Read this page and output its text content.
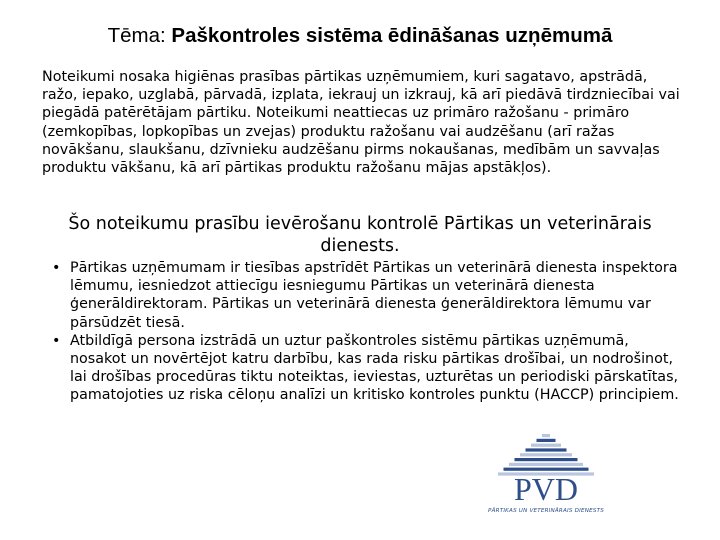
Tēma: Paškontroles sistēma ēdināšanas uzņēmumā
Noteikumi nosaka higiēnas prasības pārtikas uzņēmumiem, kuri sagatavo, apstrādā, ražo, iepako, uzglabā, pārvadā, izplata, iekrauj un izkrauj, kā arī piedāvā tirdzniecībai vai piegādā patērētājam pārtiku. Noteikumi neattiecas uz primāro ražošanu - primāro (zemkopības, lopkopības un zvejas) produktu ražošanu vai audzēšanu (arī ražas novākšanu, slaukšanu, dzīvnieku audzēšanu pirms nokaušanas, medībām un savvaļas produktu vākšanu, kā arī pārtikas produktu ražošanu mājas apstākļos).
Šo noteikumu prasību ievērošanu kontrolē Pārtikas un veterinārais dienests.
• Pārtikas uzņēmumam ir tiesības apstrīdēt Pārtikas un veterinārā dienesta inspektora lēmumu, iesniedzot attiecīgu iesniegumu Pārtikas un veterinārā dienesta ģenerāldirektoram. Pārtikas un veterinārā dienesta ģenerāldirektora lēmumu var pārsūdzēt tiesā.
• Atbildīgā persona izstrādā un uztur paškontroles sistēmu pārtikas uzņēmumā, nosakot un novērtējot katru darbību, kas rada risku pārtikas drošībai, un nodrošinot, lai drošības procedūras tiktu noteiktas, ieviestas, uzturētas un periodiski pārskatītas, pamatojoties uz riska cēloņu analīzi un kritisko kontroles punktu (HACCP) principiem.
PVD
PĀRTIKAS UN VETERINĀRAIS DIENESTS
